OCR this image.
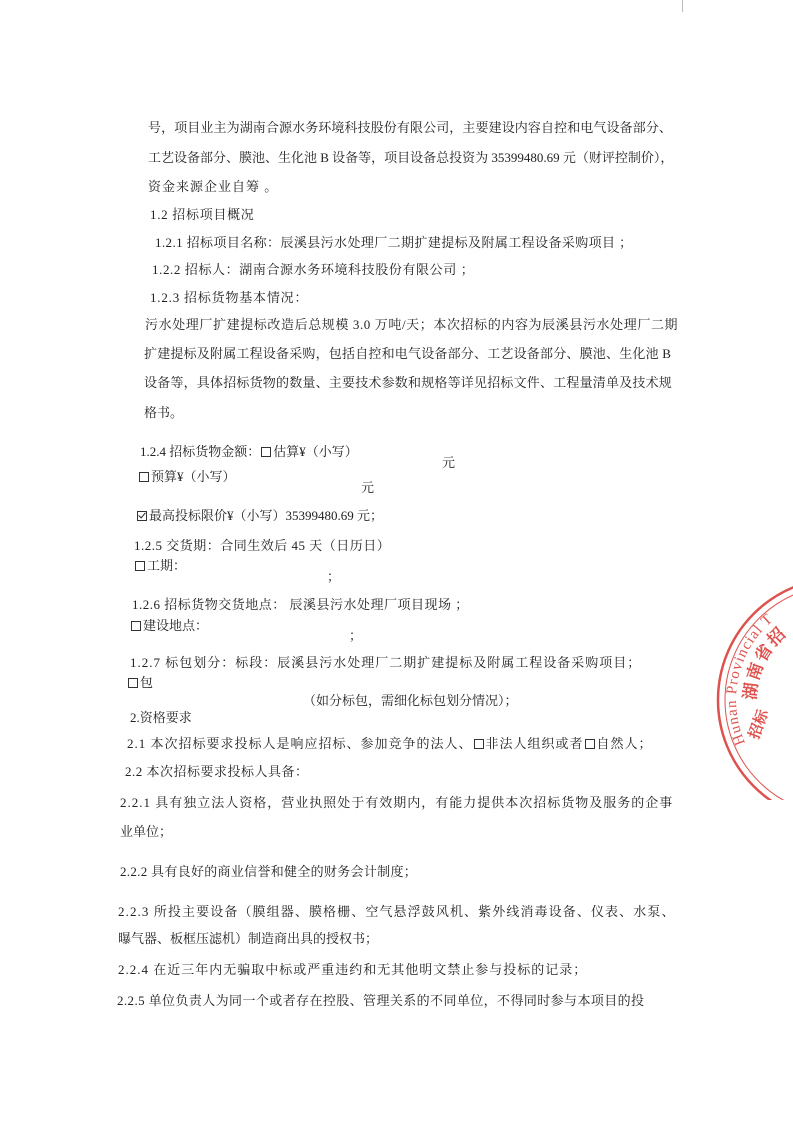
号，项目业主为湖南合源水务环境科技股份有限公司，主要建设内容自控和电气设备部分、
工艺设备部分、膜池、生化池 B 设备等，项目设备总投资为 35399480.69 元（财评控制价），
资金来源企业自筹 。
1.2 招标项目概况
1.2.1 招标项目名称：辰溪县污水处理厂二期扩建提标及附属工程设备采购项目 ；
1.2.2 招标人：湖南合源水务环境科技股份有限公司 ；
1.2.3 招标货物基本情况：
污水处理厂扩建提标改造后总规模 3.0 万吨/天；本次招标的内容为辰溪县污水处理厂二期
扩建提标及附属工程设备采购，包括自控和电气设备部分、工艺设备部分、膜池、生化池 B
设备等，具体招标货物的数量、主要技术参数和规格等详见招标文件、工程量清单及技术规
格书。
1.2.4 招标货物金额： 估算¥（小写）
元
预算¥（小写）
元
最高投标限价¥（小写）35399480.69 元；
1.2.5 交货期：合同生效后 45 天（日历日）
工期：
；
1.2.6 招标货物交货地点： 辰溪县污水处理厂项目现场 ；
建设地点：
；
1.2.7 标包划分：标段：辰溪县污水处理厂二期扩建提标及附属工程设备采购项目；
包
（如分标包，需细化标包划分情况）；
2.资格要求
2.1 本次招标要求投标人是响应招标、参加竞争的法人、 非法人组织或者 自然人；
2.2 本次招标要求投标人具备：
2.2.1 具有独立法人资格，营业执照处于有效期内，有能力提供本次招标货物及服务的企事
业单位；
2.2.2 具有良好的商业信誉和健全的财务会计制度；
2.2.3 所投主要设备（膜组器、膜格栅、空气悬浮鼓风机、紫外线消毒设备、仪表、水泵、
曝气器、板框压滤机）制造商出具的授权书；
2.2.4 在近三年内无骗取中标或严重违约和无其他明文禁止参与投标的记录；
2.2.5 单位负责人为同一个或者存在控股、管理关系的不同单位，不得同时参与本项目的投
Hunan Provincial T
湖南省招
招标
